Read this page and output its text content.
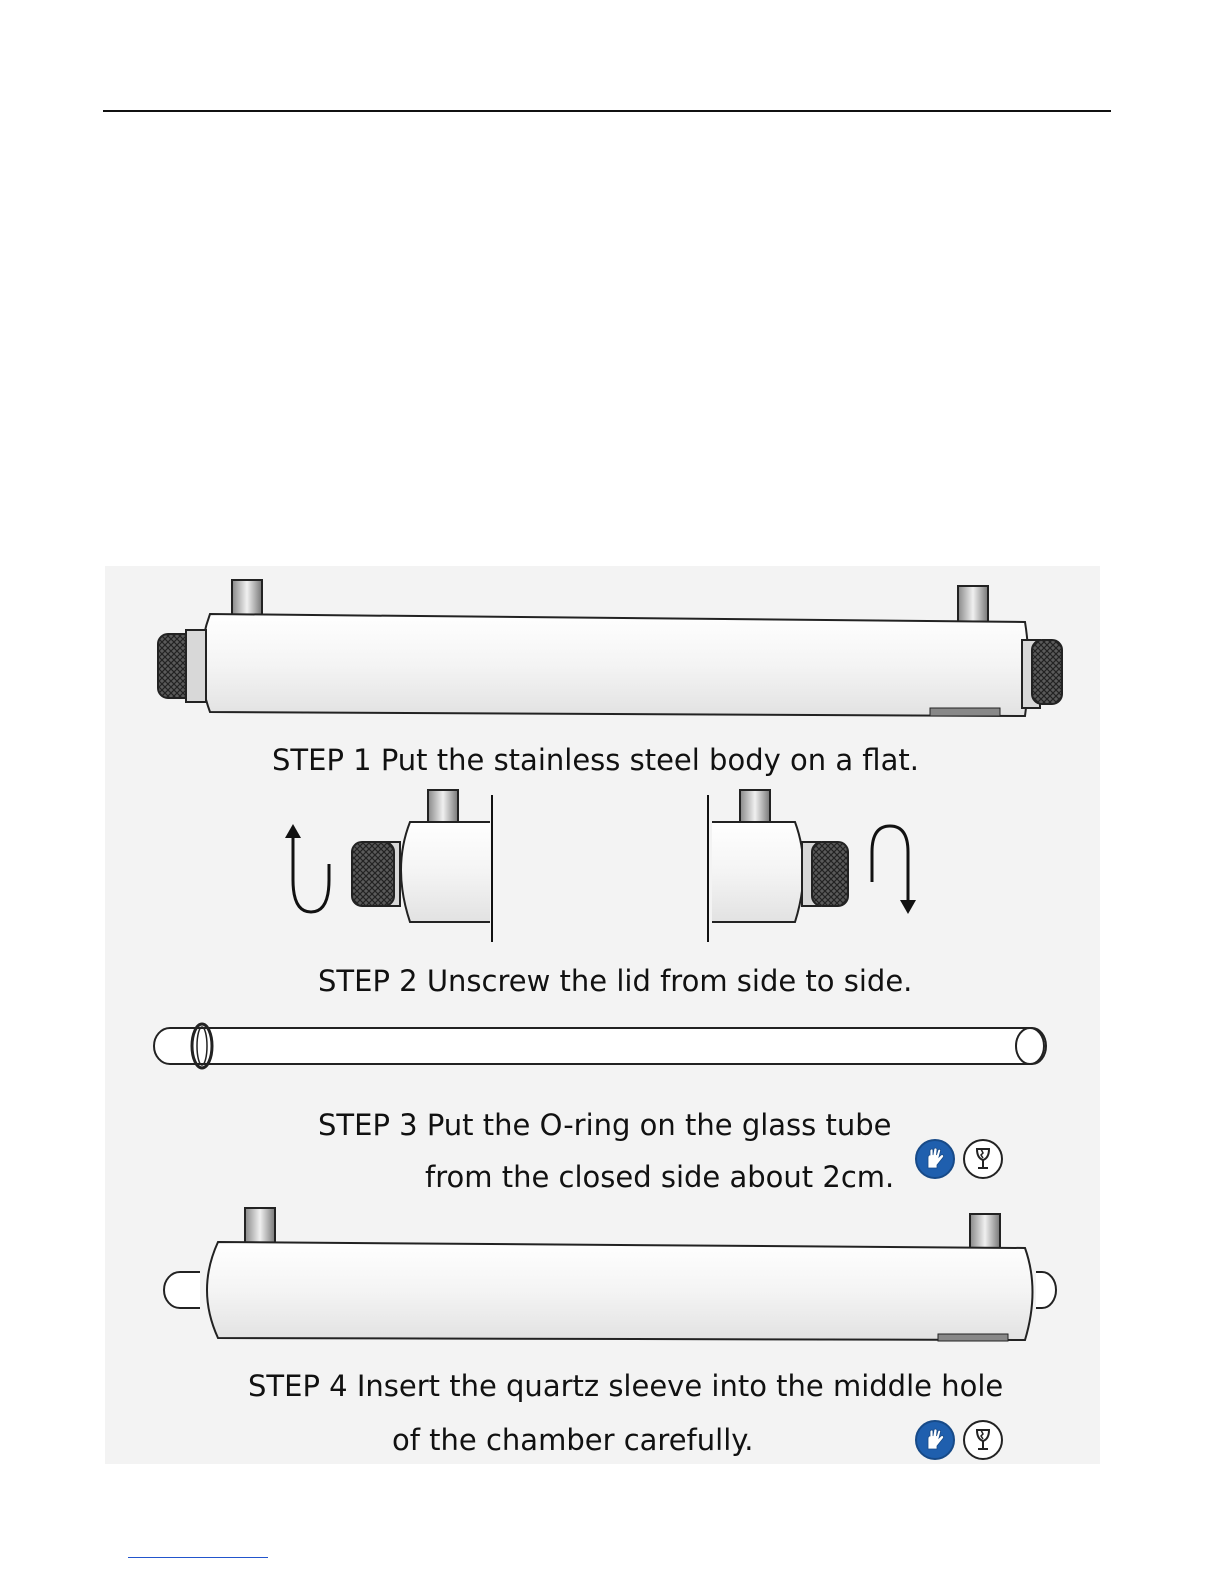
STEP 1 Put the stainless steel body on a flat.
STEP 2 Unscrew the lid from side to side.
STEP 3 Put the O-ring on the glass tube
from the closed side about 2cm.
STEP 4 Insert the quartz sleeve into the middle hole
of the chamber carefully.
